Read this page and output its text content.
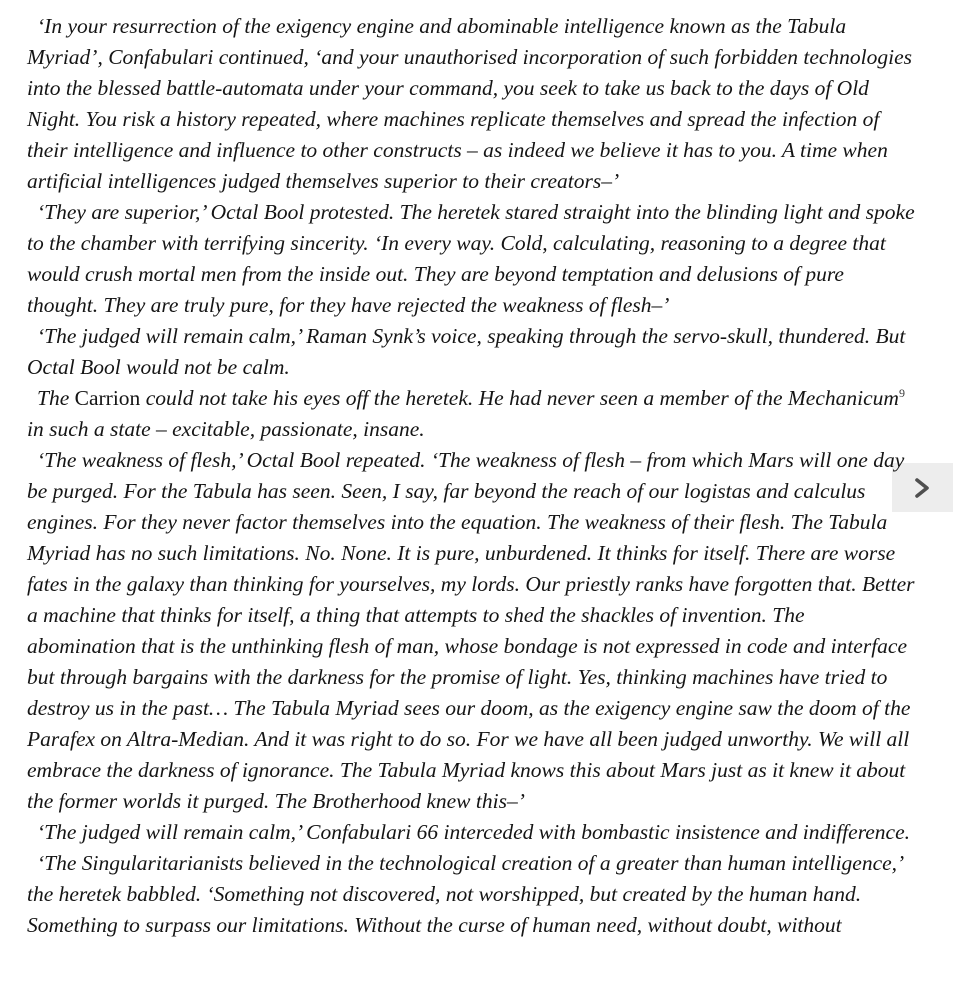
‘In your resurrection of the exigency engine and abominable intelligence known as the Tabula Myriad’, Confabulari continued, ‘and your unauthorised incorporation of such forbidden technologies into the blessed battle-automata under your command, you seek to take us back to the days of Old Night. You risk a history repeated, where machines replicate themselves and spread the infection of their intelligence and influence to other constructs – as indeed we believe it has to you. A time when artificial intelligences judged themselves superior to their creators–’

‘They are superior,’ Octal Bool protested. The heretek stared straight into the blinding light and spoke to the chamber with terrifying sincerity. ‘In every way. Cold, calculating, reasoning to a degree that would crush mortal men from the inside out. They are beyond temptation and delusions of pure thought. They are truly pure, for they have rejected the weakness of flesh–’

‘The judged will remain calm,’ Raman Synk’s voice, speaking through the servo-skull, thundered. But Octal Bool would not be calm.

The Carrion could not take his eyes off the heretek. He had never seen a member of the Mechanicum$^9$ in such a state – excitable, passionate, insane.

‘The weakness of flesh,’ Octal Bool repeated. ‘The weakness of flesh – from which Mars will one day be purged. For the Tabula has seen. Seen, I say, far beyond the reach of our logistas and calculus engines. For they never factor themselves into the equation. The weakness of their flesh. The Tabula Myriad has no such limitations. No. None. It is pure, unburdened. It thinks for itself. There are worse fates in the galaxy than thinking for yourselves, my lords. Our priestly ranks have forgotten that. Better a machine that thinks for itself, a thing that attempts to shed the shackles of invention. The abomination that is the unthinking flesh of man, whose bondage is not expressed in code and interface but through bargains with the darkness for the promise of light. Yes, thinking machines have tried to destroy us in the past… The Tabula Myriad sees our doom, as the exigency engine saw the doom of the Parafex on Altra-Median. And it was right to do so. For we have all been judged unworthy. We will all embrace the darkness of ignorance. The Tabula Myriad knows this about Mars just as it knew it about the former worlds it purged. The Brotherhood knew this–’

‘The judged will remain calm,’ Confabulari 66 interceded with bombastic insistence and indifference.

‘The Singularitarianists believed in the technological creation of a greater than human intelligence,’ the heretek babbled. ‘Something not discovered, not worshipped, but created by the human hand. Something to surpass our limitations. Without the curse of human need, without doubt, without
